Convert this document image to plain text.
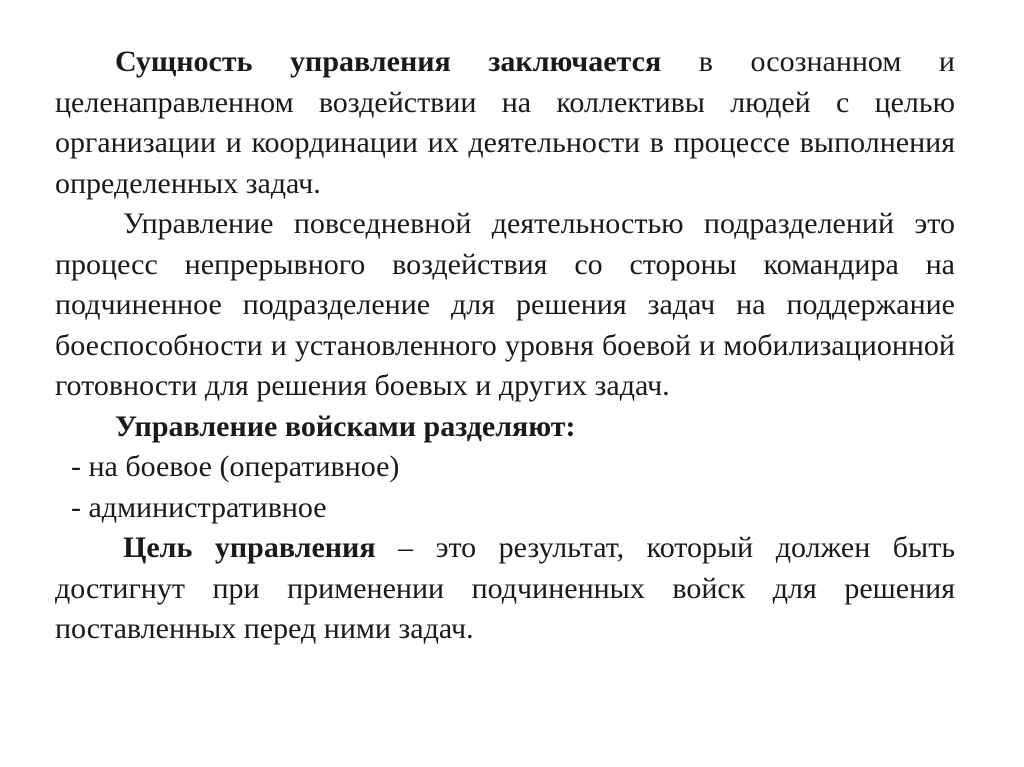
Сущность управления заключается в осознанном и целенаправленном воздействии на коллективы людей с целью организации и координации их деятельности в процессе выполнения определенных задач.

Управление повседневной деятельностью подразделений это процесс непрерывного воздействия со стороны командира на подчиненное подразделение для решения задач на поддержание боеспособности и установленного уровня боевой и мобилизационной готовности для решения боевых и других задач.

Управление войсками разделяют:

- на боевое (оперативное)
- административное

Цель управления – это результат, который должен быть достигнут при применении подчиненных войск для решения поставленных перед ними задач.
